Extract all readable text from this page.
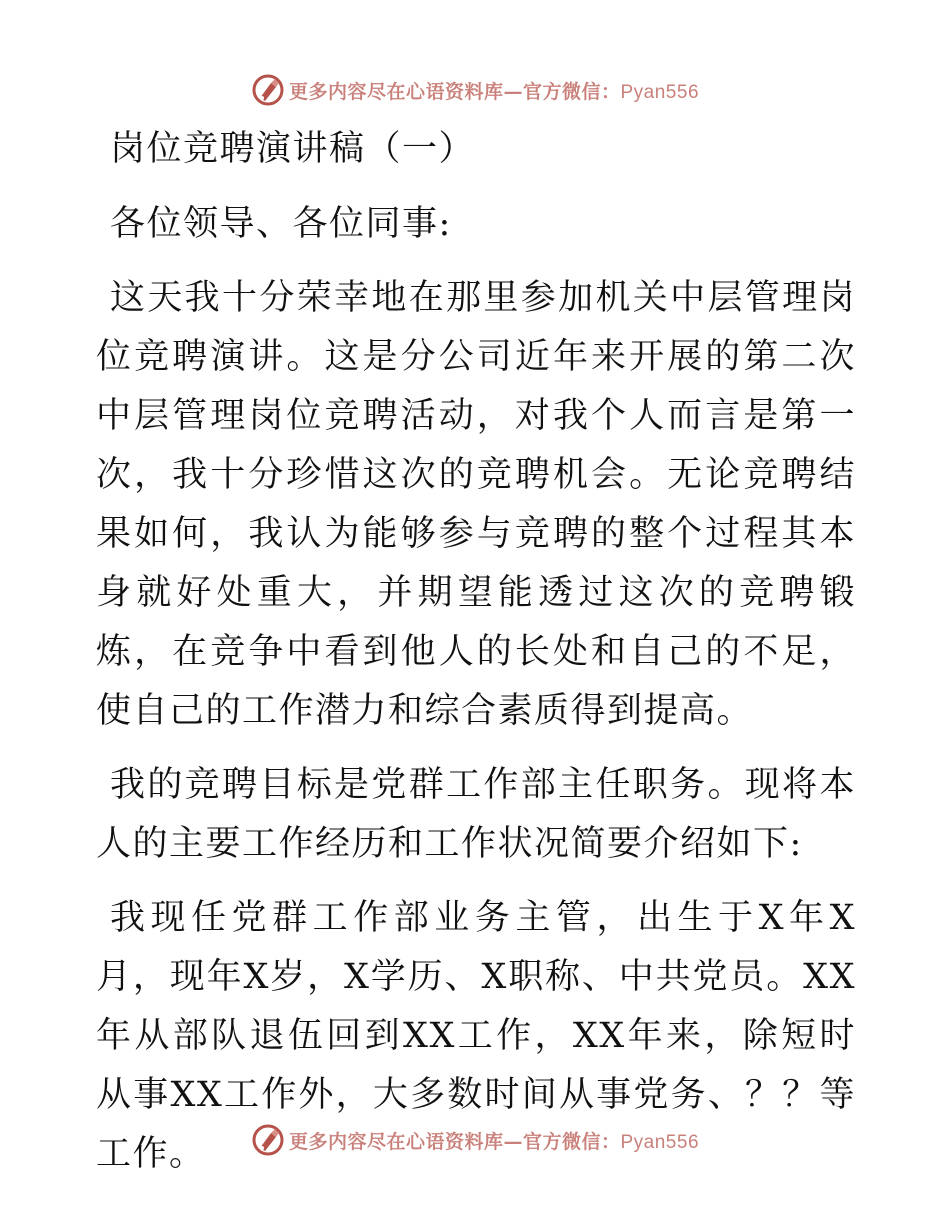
更多内容尽在心语资料库—官方微信：Pyan556

岗位竞聘演讲稿（一）

各位领导、各位同事:

这天我十分荣幸地在那里参加机关中层管理岗位竞聘演讲。这是分公司近年来开展的第二次中层管理岗位竞聘活动，对我个人而言是第一次，我十分珍惜这次的竞聘机会。无论竞聘结果如何，我认为能够参与竞聘的整个过程其本身就好处重大，并期望能透过这次的竞聘锻炼，在竞争中看到他人的长处和自己的不足，使自己的工作潜力和综合素质得到提高。

我的竞聘目标是党群工作部主任职务。现将本人的主要工作经历和工作状况简要介绍如下:

我现任党群工作部业务主管，出生于X年X月，现年X岁，X学历、X职称、中共党员。XX年从部队退伍回到XX工作，XX年来，除短时从事XX工作外，大多数时间从事党务、？？等工作。	更多内容尽在心语资料库—官方微信：Pyan556
